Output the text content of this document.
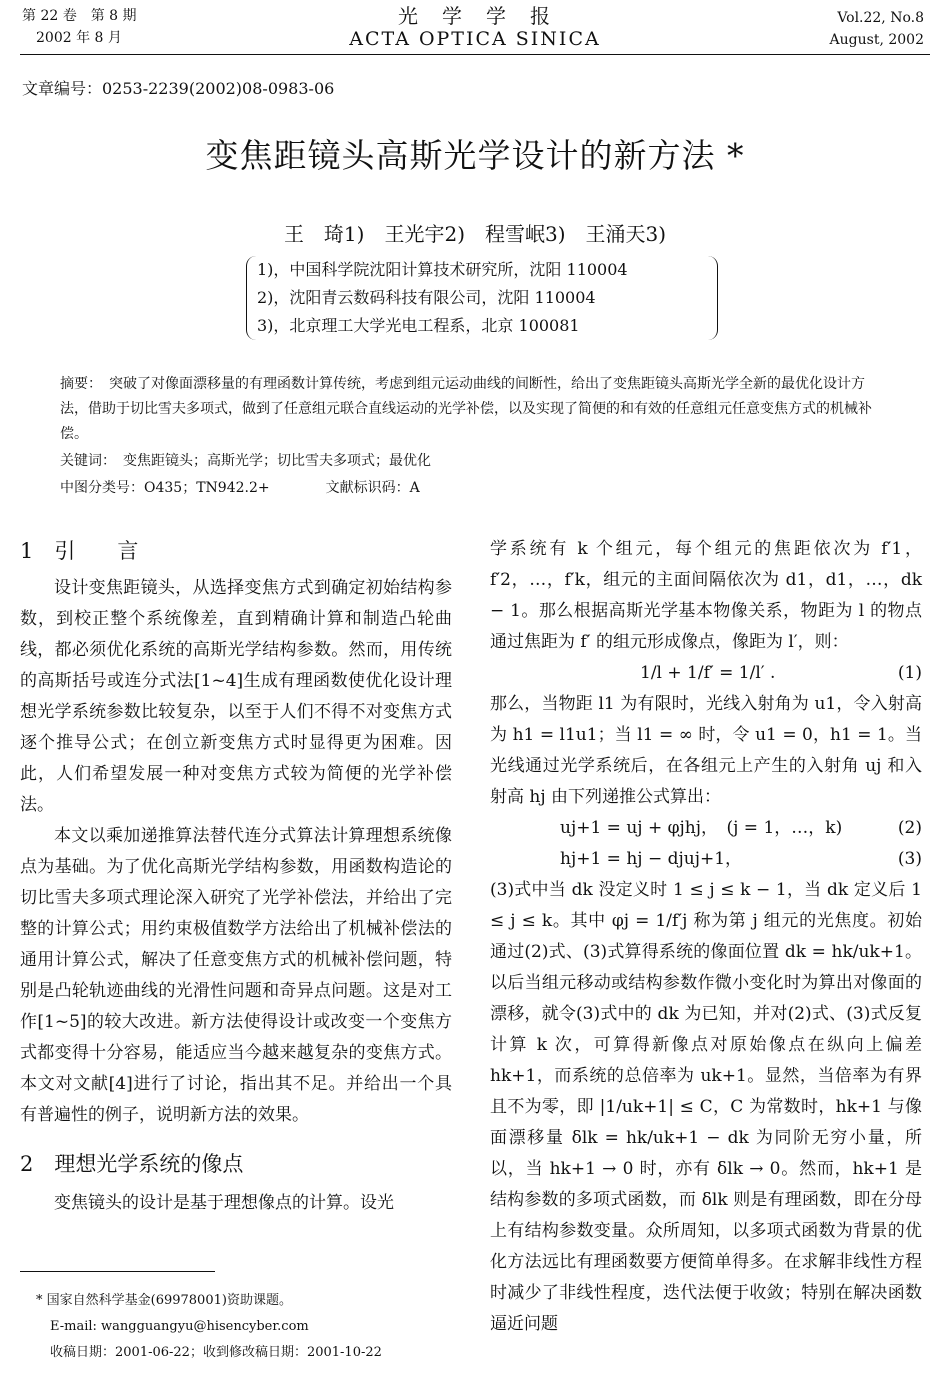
第 22 卷　第 8 期
2002 年 8 月
光　学　学　报
ACTA OPTICA SINICA
Vol.22, No.8
August, 2002
文章编号：0253-2239(2002)08-0983-06
变焦距镜头高斯光学设计的新方法 *
王　琦1)　王光宇2)　程雪岷3)　王涌天3)
1)，中国科学院沈阳计算技术研究所，沈阳 110004
2)，沈阳青云数码科技有限公司，沈阳 110004
3)，北京理工大学光电工程系，北京 100081
摘要：　突破了对像面漂移量的有理函数计算传统，考虑到组元运动曲线的间断性，给出了变焦距镜头高斯光学全新的最优化设计方法，借助于切比雪夫多项式，做到了任意组元联合直线运动的光学补偿，以及实现了简便的和有效的任意组元任意变焦方式的机械补偿。
关键词：　变焦距镜头；高斯光学；切比雪夫多项式；最优化
中图分类号：O435；TN942.2+　　　　文献标识码：A

1　引　　言

设计变焦距镜头，从选择变焦方式到确定初始结构参数，到校正整个系统像差，直到精确计算和制造凸轮曲线，都必须优化系统的高斯光学结构参数。然而，用传统的高斯括号或连分式法[1~4]生成有理函数使优化设计理想光学系统参数比较复杂，以至于人们不得不对变焦方式逐个推导公式；在创立新变焦方式时显得更为困难。因此，人们希望发展一种对变焦方式较为简便的光学补偿法。

本文以乘加递推算法替代连分式算法计算理想系统像点为基础。为了优化高斯光学结构参数，用函数构造论的切比雪夫多项式理论深入研究了光学补偿法，并给出了完整的计算公式；用约束极值数学方法给出了机械补偿法的通用计算公式，解决了任意变焦方式的机械补偿问题，特别是凸轮轨迹曲线的光滑性问题和奇异点问题。这是对工作[1~5]的较大改进。新方法使得设计或改变一个变焦方式都变得十分容易，能适应当今越来越复杂的变焦方式。本文对文献[4]进行了讨论，指出其不足。并给出一个具有普遍性的例子，说明新方法的效果。

2　理想光学系统的像点

变焦镜头的设计是基于理想像点的计算。设光

* 国家自然科学基金(69978001)资助课题。
E-mail: wangguangyu@hisencyber.com
收稿日期：2001-06-22；收到修改稿日期：2001-10-22

学系统有 k 个组元，每个组元的焦距依次为 f′1，f′2，…，f′k，组元的主面间隔依次为 d1，d1，…，dk − 1。那么根据高斯光学基本物像关系，物距为 l 的物点通过焦距为 f′ 的组元形成像点，像距为 l′，则：

1/l + 1/f′ = 1/l′ .	(1)

那么，当物距 l1 为有限时，光线入射角为 u1，令入射高为 h1 = l1u1；当 l1 = ∞ 时，令 u1 = 0，h1 = 1。当光线通过光学系统后，在各组元上产生的入射角 uj 和入射高 hj 由下列递推公式算出：

uj+1 = uj + φjhj，　(j = 1，…，k)	(2)
hj+1 = hj − djuj+1，	(3)

(3)式中当 dk 没定义时 1 ≤ j ≤ k − 1，当 dk 定义后 1 ≤ j ≤ k。其中 φj = 1/f′j 称为第 j 组元的光焦度。初始通过(2)式、(3)式算得系统的像面位置 dk = hk/uk+1。以后当组元移动或结构参数作微小变化时为算出对像面的漂移，就令(3)式中的 dk 为已知，并对(2)式、(3)式反复计算 k 次，可算得新像点对原始像点在纵向上偏差 hk+1，而系统的总倍率为 uk+1。显然，当倍率为有界且不为零，即 |1/uk+1| ≤ C，C 为常数时，hk+1 与像面漂移量 δlk = hk/uk+1 − dk 为同阶无穷小量，所以，当 hk+1 → 0 时，亦有 δlk → 0。然而，hk+1 是结构参数的多项式函数，而 δlk 则是有理函数，即在分母上有结构参数变量。众所周知，以多项式函数为背景的优化方法远比有理函数要方便简单得多。在求解非线性方程时减少了非线性程度，迭代法便于收敛；特别在解决函数逼近问题
